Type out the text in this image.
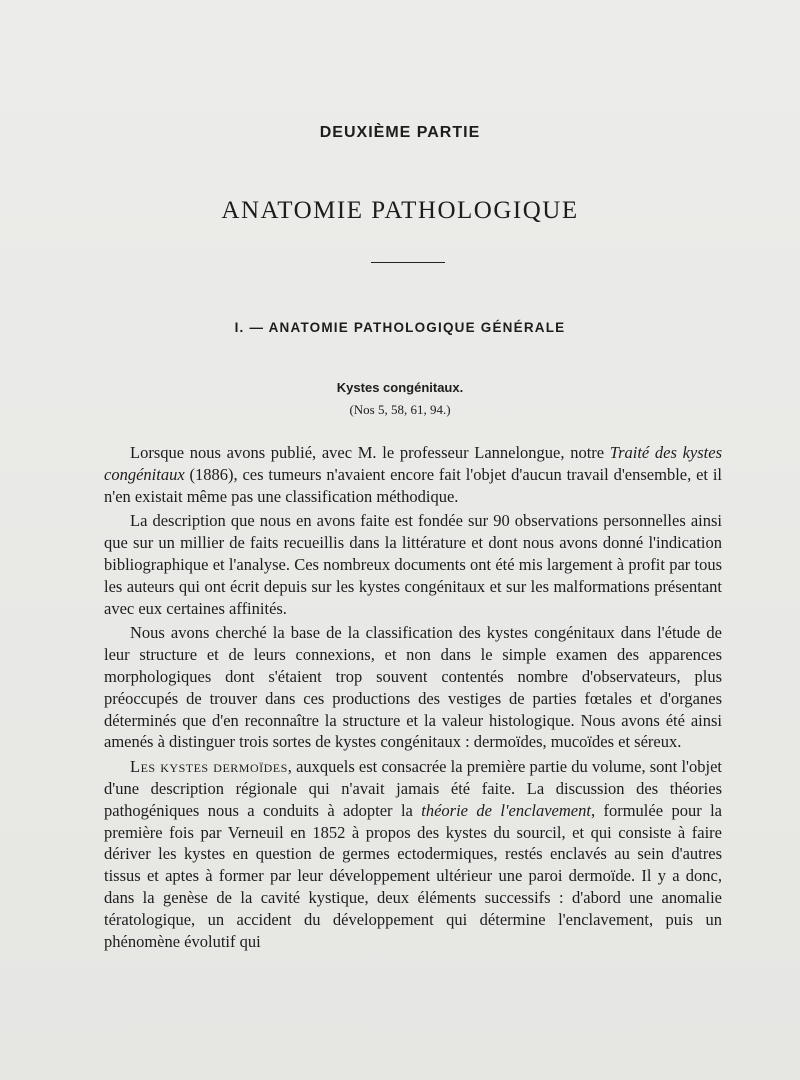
DEUXIÈME PARTIE
ANATOMIE PATHOLOGIQUE
I. — ANATOMIE PATHOLOGIQUE GÉNÉRALE
Kystes congénitaux.
(Nos 5, 58, 61, 94.)

Lorsque nous avons publié, avec M. le professeur Lannelongue, notre Traité des kystes congénitaux (1886), ces tumeurs n'avaient encore fait l'objet d'aucun travail d'ensemble, et il n'en existait même pas une classification méthodique.

La description que nous en avons faite est fondée sur 90 observations personnelles ainsi que sur un millier de faits recueillis dans la littérature et dont nous avons donné l'indication bibliographique et l'analyse. Ces nombreux documents ont été mis largement à profit par tous les auteurs qui ont écrit depuis sur les kystes congénitaux et sur les malformations présentant avec eux certaines affinités.

Nous avons cherché la base de la classification des kystes congénitaux dans l'étude de leur structure et de leurs connexions, et non dans le simple examen des apparences morphologiques dont s'étaient trop souvent contentés nombre d'observateurs, plus préoccupés de trouver dans ces productions des vestiges de parties fœtales et d'organes déterminés que d'en reconnaître la structure et la valeur histologique. Nous avons été ainsi amenés à distinguer trois sortes de kystes congénitaux : dermoïdes, mucoïdes et séreux.

Les kystes dermoïdes, auxquels est consacrée la première partie du volume, sont l'objet d'une description régionale qui n'avait jamais été faite. La discussion des théories pathogéniques nous a conduits à adopter la théorie de l'enclavement, formulée pour la première fois par Verneuil en 1852 à propos des kystes du sourcil, et qui consiste à faire dériver les kystes en question de germes ectodermiques, restés enclavés au sein d'autres tissus et aptes à former par leur développement ultérieur une paroi dermoïde. Il y a donc, dans la genèse de la cavité kystique, deux éléments successifs : d'abord une anomalie tératologique, un accident du développement qui détermine l'enclavement, puis un phénomène évolutif qui
